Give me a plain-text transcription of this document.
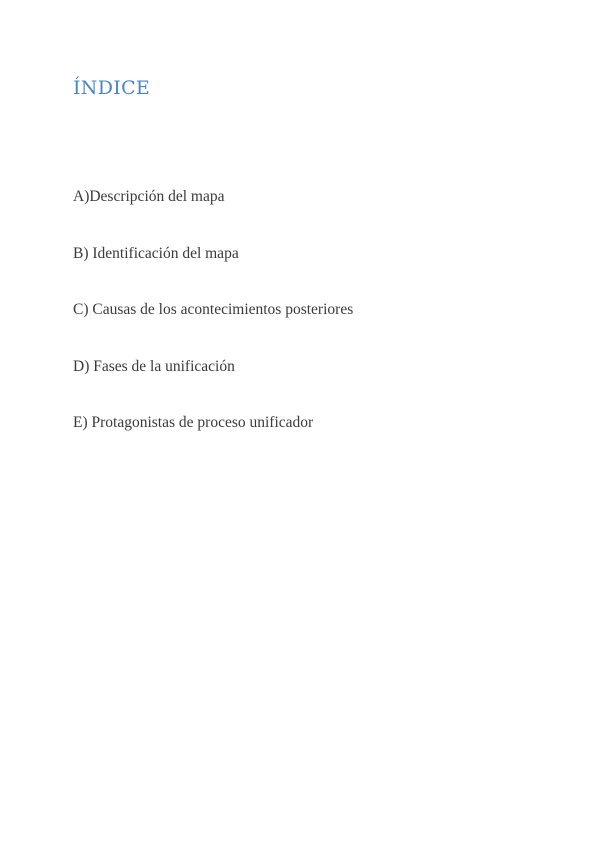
ÍNDICE
A)Descripción del mapa
B) Identificación del mapa
C) Causas de los acontecimientos posteriores
D) Fases de la unificación
E) Protagonistas de proceso unificador
